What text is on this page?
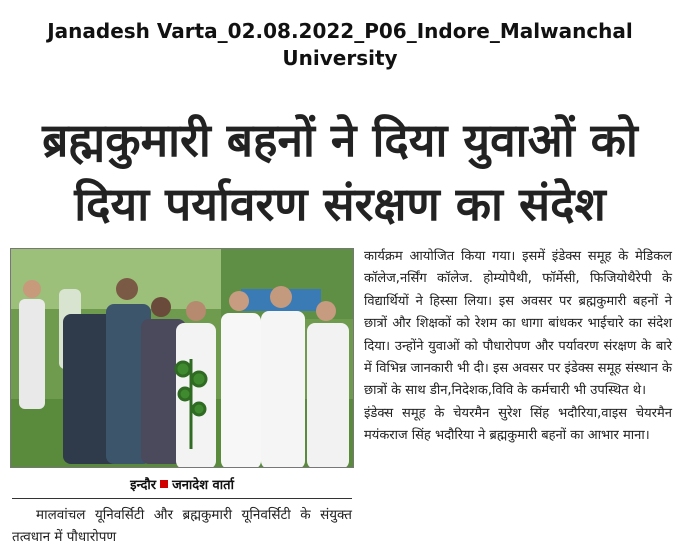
Janadesh Varta_02.08.2022_P06_Indore_Malwanchal
University
ब्रह्मकुमारी बहनों ने दिया युवाओं को
दिया पर्यावरण संरक्षण का संदेश
इन्दौर जनादेश वार्ता

मालवांचल यूनिवर्सिटी और ब्रह्मकुमारी यूनिवर्सिटी के संयुक्त तत्वधान में पौधारोपण

कार्यक्रम आयोजित किया गया। इसमें इंडेक्स समूह के मेडिकल कॉलेज,नर्सिंग कॉलेज. होम्योपैथी, फॉर्मेसी, फिजियोथैरेपी के विद्यार्थियों ने हिस्सा लिया। इस अवसर पर ब्रह्मकुमारी बहनों ने छात्रों और शिक्षकों को रेशम का धागा बांधकर भाईचारे का संदेश दिया। उन्होंने युवाओं को पौधारोपण और पर्यावरण संरक्षण के बारे में विभिन्न जानकारी भी दी। इस अवसर पर इंडेक्स समूह संस्थान के छात्रों के साथ डीन,निदेशक,विवि के कर्मचारी भी उपस्थित थे।

इंडेक्स समूह के चेयरमैन सुरेश सिंह भदौरिया,वाइस चेयरमैन मयंकराज सिंह भदौरिया ने ब्रह्मकुमारी बहनों का आभार माना।
